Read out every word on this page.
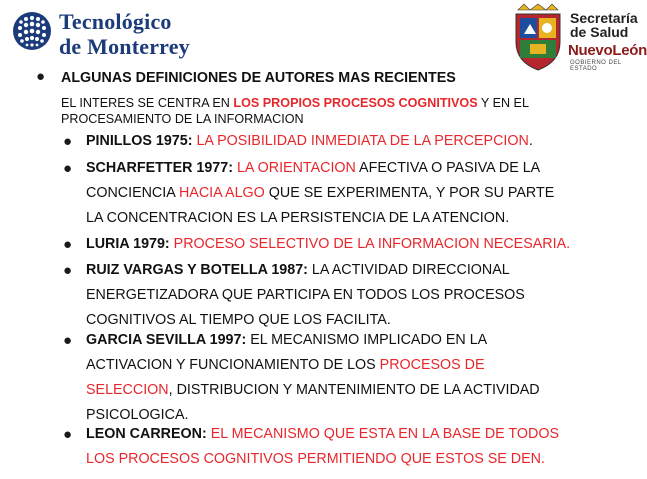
Tecnológico
de Monterrey
Secretaría
de Salud
NuevoLeón
GOBIERNO DEL ESTADO
● ALGUNAS DEFINICIONES DE AUTORES MAS RECIENTES
EL INTERES SE CENTRA EN LOS PROPIOS PROCESOS COGNITIVOS Y EN EL
PROCESAMIENTO DE LA INFORMACION
● PINILLOS 1975: LA POSIBILIDAD INMEDIATA DE LA PERCEPCION.
● SCHARFETTER 1977: LA ORIENTACION AFECTIVA O PASIVA DE LA
CONCIENCIA HACIA ALGO QUE SE EXPERIMENTA, Y POR SU PARTE
LA CONCENTRACION ES LA PERSISTENCIA DE LA ATENCION.
● LURIA 1979: PROCESO SELECTIVO DE LA INFORMACION NECESARIA.
● RUIZ VARGAS Y BOTELLA 1987: LA ACTIVIDAD DIRECCIONAL
ENERGETIZADORA QUE PARTICIPA EN TODOS LOS PROCESOS
COGNITIVOS AL TIEMPO QUE LOS FACILITA.
● GARCIA SEVILLA 1997: EL MECANISMO IMPLICADO EN LA
ACTIVACION Y FUNCIONAMIENTO DE LOS PROCESOS DE
SELECCION, DISTRIBUCION Y MANTENIMIENTO DE LA ACTIVIDAD
PSICOLOGICA.
● LEON CARREON: EL MECANISMO QUE ESTA EN LA BASE DE TODOS
LOS PROCESOS COGNITIVOS PERMITIENDO QUE ESTOS SE DEN.
